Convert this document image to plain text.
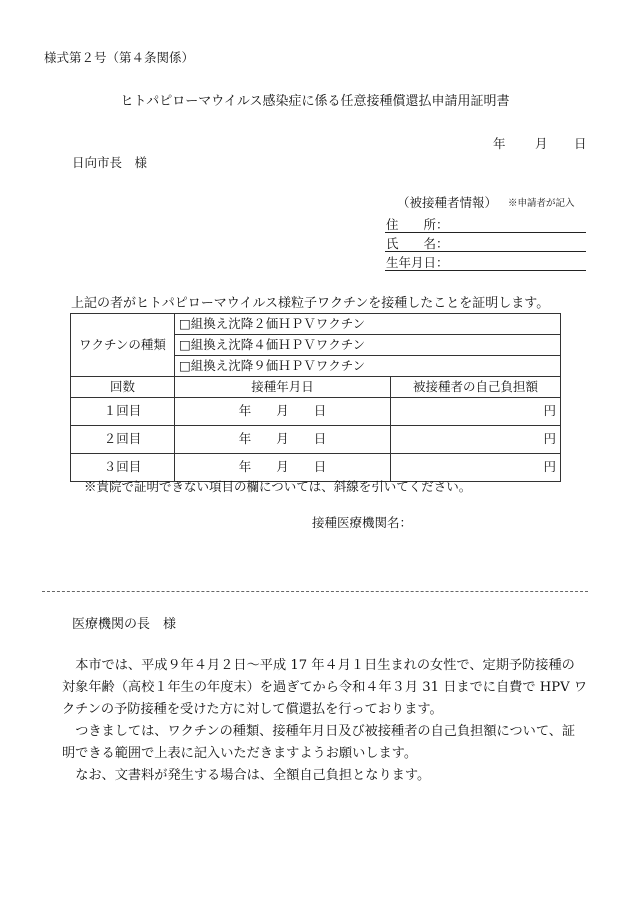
様式第２号（第４条関係）
ヒトパピローマウイルス感染症に係る任意接種償還払申請用証明書
年 月 日
日向市長　様
（被接種者情報） ※申請者が記入
住　　所：
氏　　名：
生年月日：
上記の者がヒトパピローマウイルス様粒子ワクチンを接種したことを証明します。
ワクチンの種類	□組換え沈降２価ＨＰＶワクチン	
	□組換え沈降４価ＨＰＶワクチン	
	□組換え沈降９価ＨＰＶワクチン	
回数	接種年月日	被接種者の自己負担額
１回目	年　　月　　日	円
２回目	年　　月　　日	円
３回目	年　　月　　日	円
※貴院で証明できない項目の欄については、斜線を引いてください。
接種医療機関名：
医療機関の長　様

本市では、平成９年４月２日～平成 17 年４月１日生まれの女性で、定期予防接種の対象年齢（高校１年生の年度末）を過ぎてから令和４年３月 31 日までに自費で HPV ワクチンの予防接種を受けた方に対して償還払を行っております。

つきましては、ワクチンの種類、接種年月日及び被接種者の自己負担額について、証明できる範囲で上表に記入いただきますようお願いします。

なお、文書料が発生する場合は、全額自己負担となります。
